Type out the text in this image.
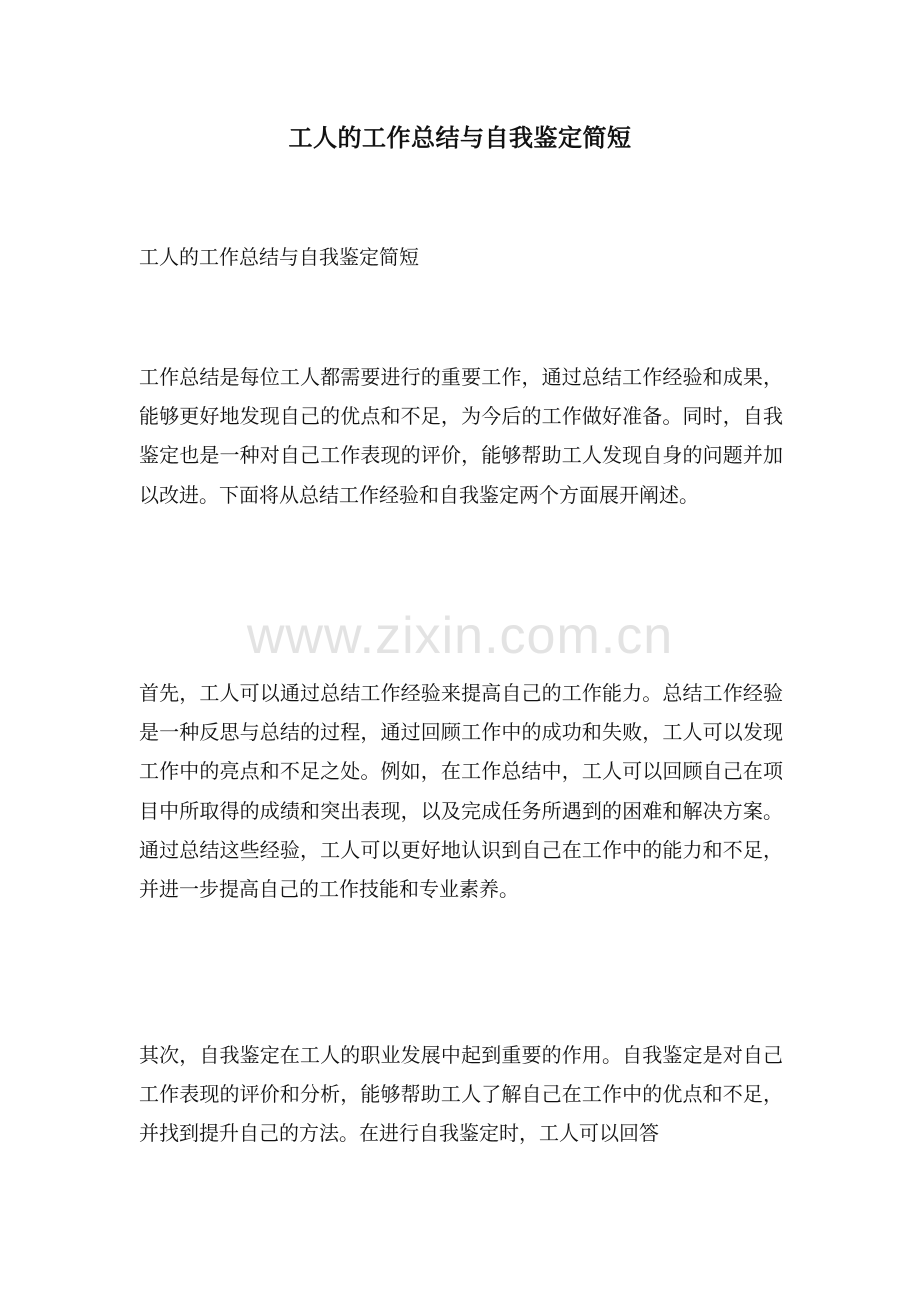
工人的工作总结与自我鉴定简短

工人的工作总结与自我鉴定简短

工作总结是每位工人都需要进行的重要工作，通过总结工作经验和成果，能够更好地发现自己的优点和不足，为今后的工作做好准备。同时，自我鉴定也是一种对自己工作表现的评价，能够帮助工人发现自身的问题并加以改进。下面将从总结工作经验和自我鉴定两个方面展开阐述。

www.zixin.com.cn

首先，工人可以通过总结工作经验来提高自己的工作能力。总结工作经验是一种反思与总结的过程，通过回顾工作中的成功和失败，工人可以发现工作中的亮点和不足之处。例如，在工作总结中，工人可以回顾自己在项目中所取得的成绩和突出表现，以及完成任务所遇到的困难和解决方案。通过总结这些经验，工人可以更好地认识到自己在工作中的能力和不足，并进一步提高自己的工作技能和专业素养。

其次，自我鉴定在工人的职业发展中起到重要的作用。自我鉴定是对自己工作表现的评价和分析，能够帮助工人了解自己在工作中的优点和不足，并找到提升自己的方法。在进行自我鉴定时，工人可以回答
